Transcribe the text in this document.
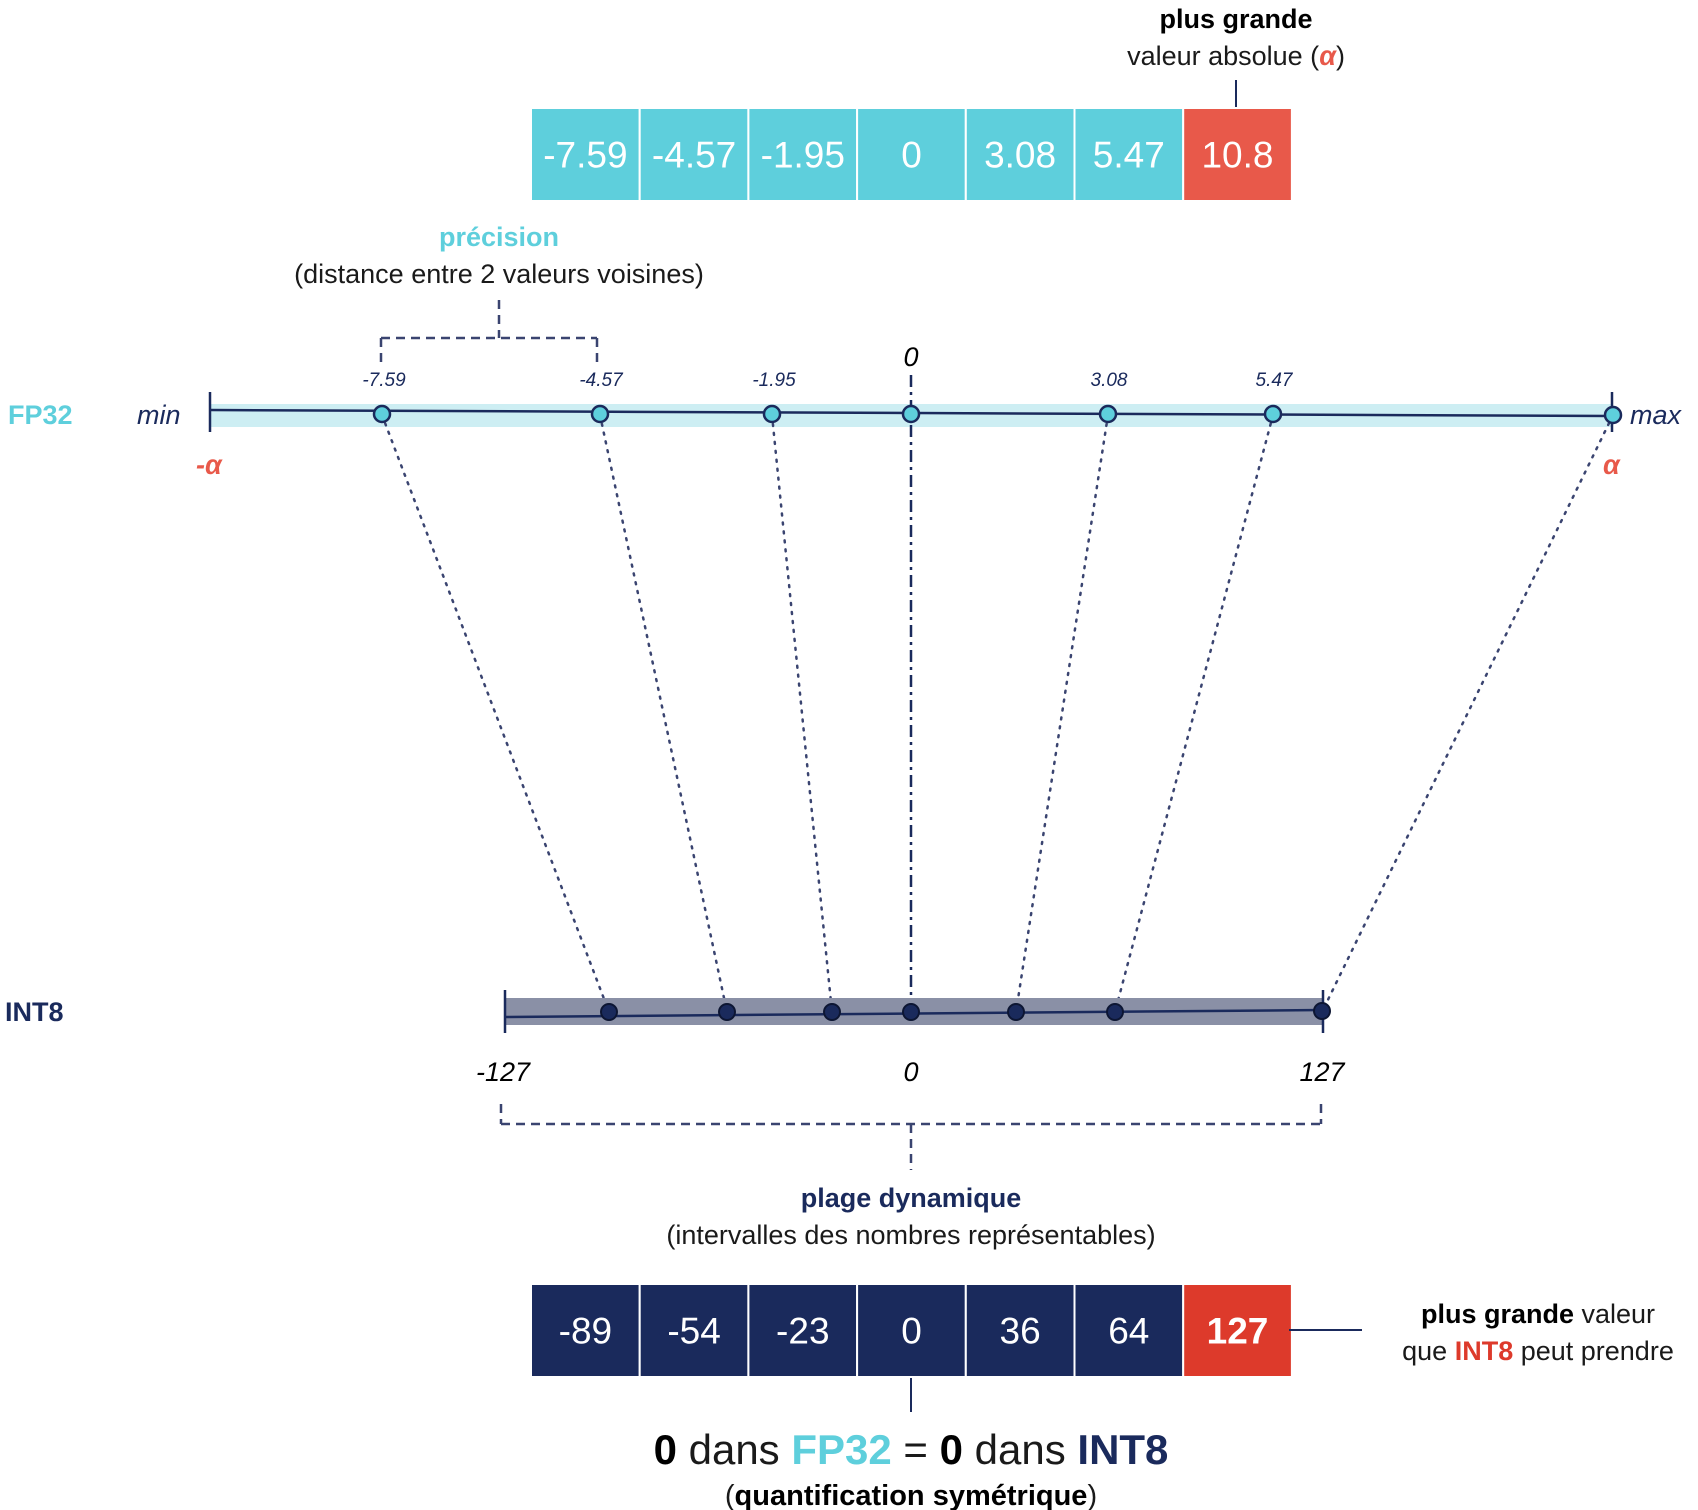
plus grande
valeur absolue (α)
-7.59 -4.57 -1.95 0 3.08 5.47 10.8
précision
(distance entre 2 valeurs voisines)
FP32 min	max
-α	α
0
-7.59	-4.57	-1.95	3.08	5.47
INT8
-127	0	127
plage dynamique
(intervalles des nombres représentables)
-89 -54 -23 0 36 64 127	plus grande valeur
que INT8 peut prendre
0 dans FP32 = 0 dans INT8
(quantification symétrique)
